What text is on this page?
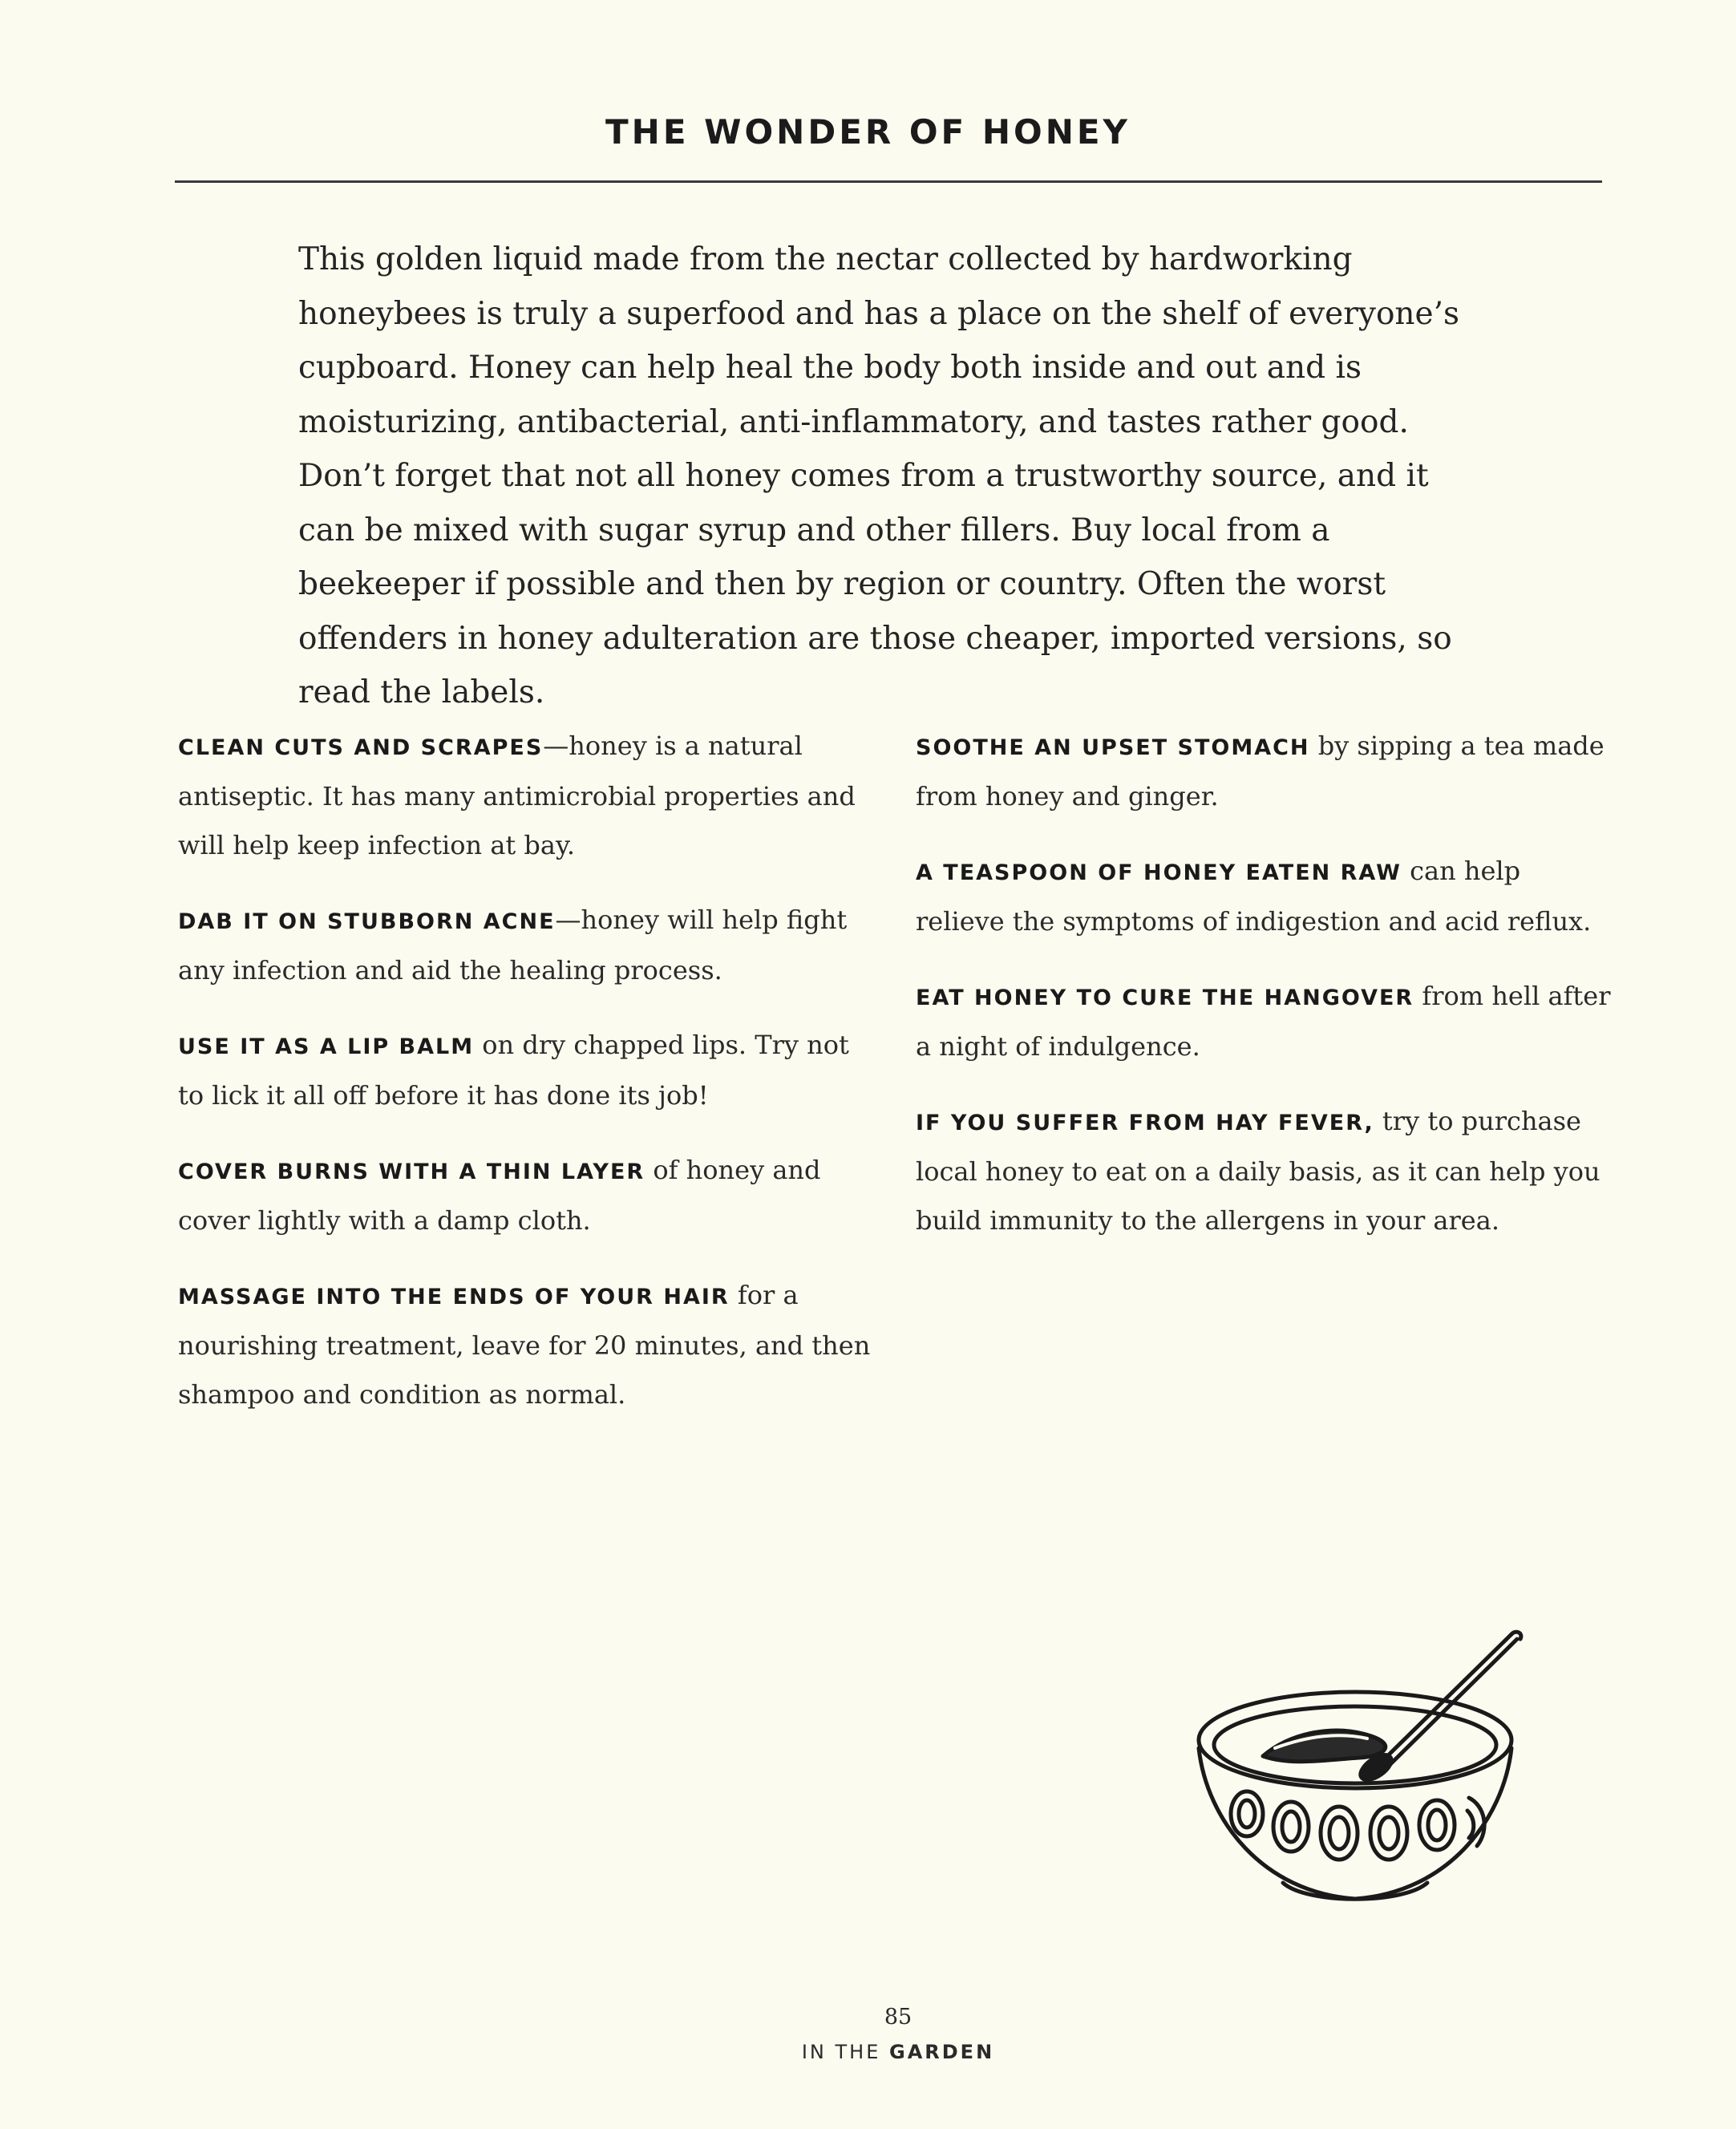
THE WONDER OF HONEY

This golden liquid made from the nectar collected by hardworking honeybees is truly a superfood and has a place on the shelf of everyone’s cupboard. Honey can help heal the body both inside and out and is moisturizing, antibacterial, anti-inflammatory, and tastes rather good. Don’t forget that not all honey comes from a trustworthy source, and it can be mixed with sugar syrup and other fillers. Buy local from a beekeeper if possible and then by region or country. Often the worst offenders in honey adulteration are those cheaper, imported versions, so read the labels.

CLEAN CUTS AND SCRAPES—honey is a natural antiseptic. It has many antimicrobial properties and will help keep infection at bay.

DAB IT ON STUBBORN ACNE—honey will help fight any infection and aid the healing process.

USE IT AS A LIP BALM on dry chapped lips. Try not to lick it all off before it has done its job!

COVER BURNS WITH A THIN LAYER of honey and cover lightly with a damp cloth.

MASSAGE INTO THE ENDS OF YOUR HAIR for a nourishing treatment, leave for 20 minutes, and then shampoo and condition as normal.

SOOTHE AN UPSET STOMACH by sipping a tea made from honey and ginger.

A TEASPOON OF HONEY EATEN RAW can help relieve the symptoms of indigestion and acid reflux.

EAT HONEY TO CURE THE HANGOVER from hell after a night of indulgence.

IF YOU SUFFER FROM HAY FEVER, try to purchase local honey to eat on a daily basis, as it can help you build immunity to the allergens in your area.

85
IN THE GARDEN
